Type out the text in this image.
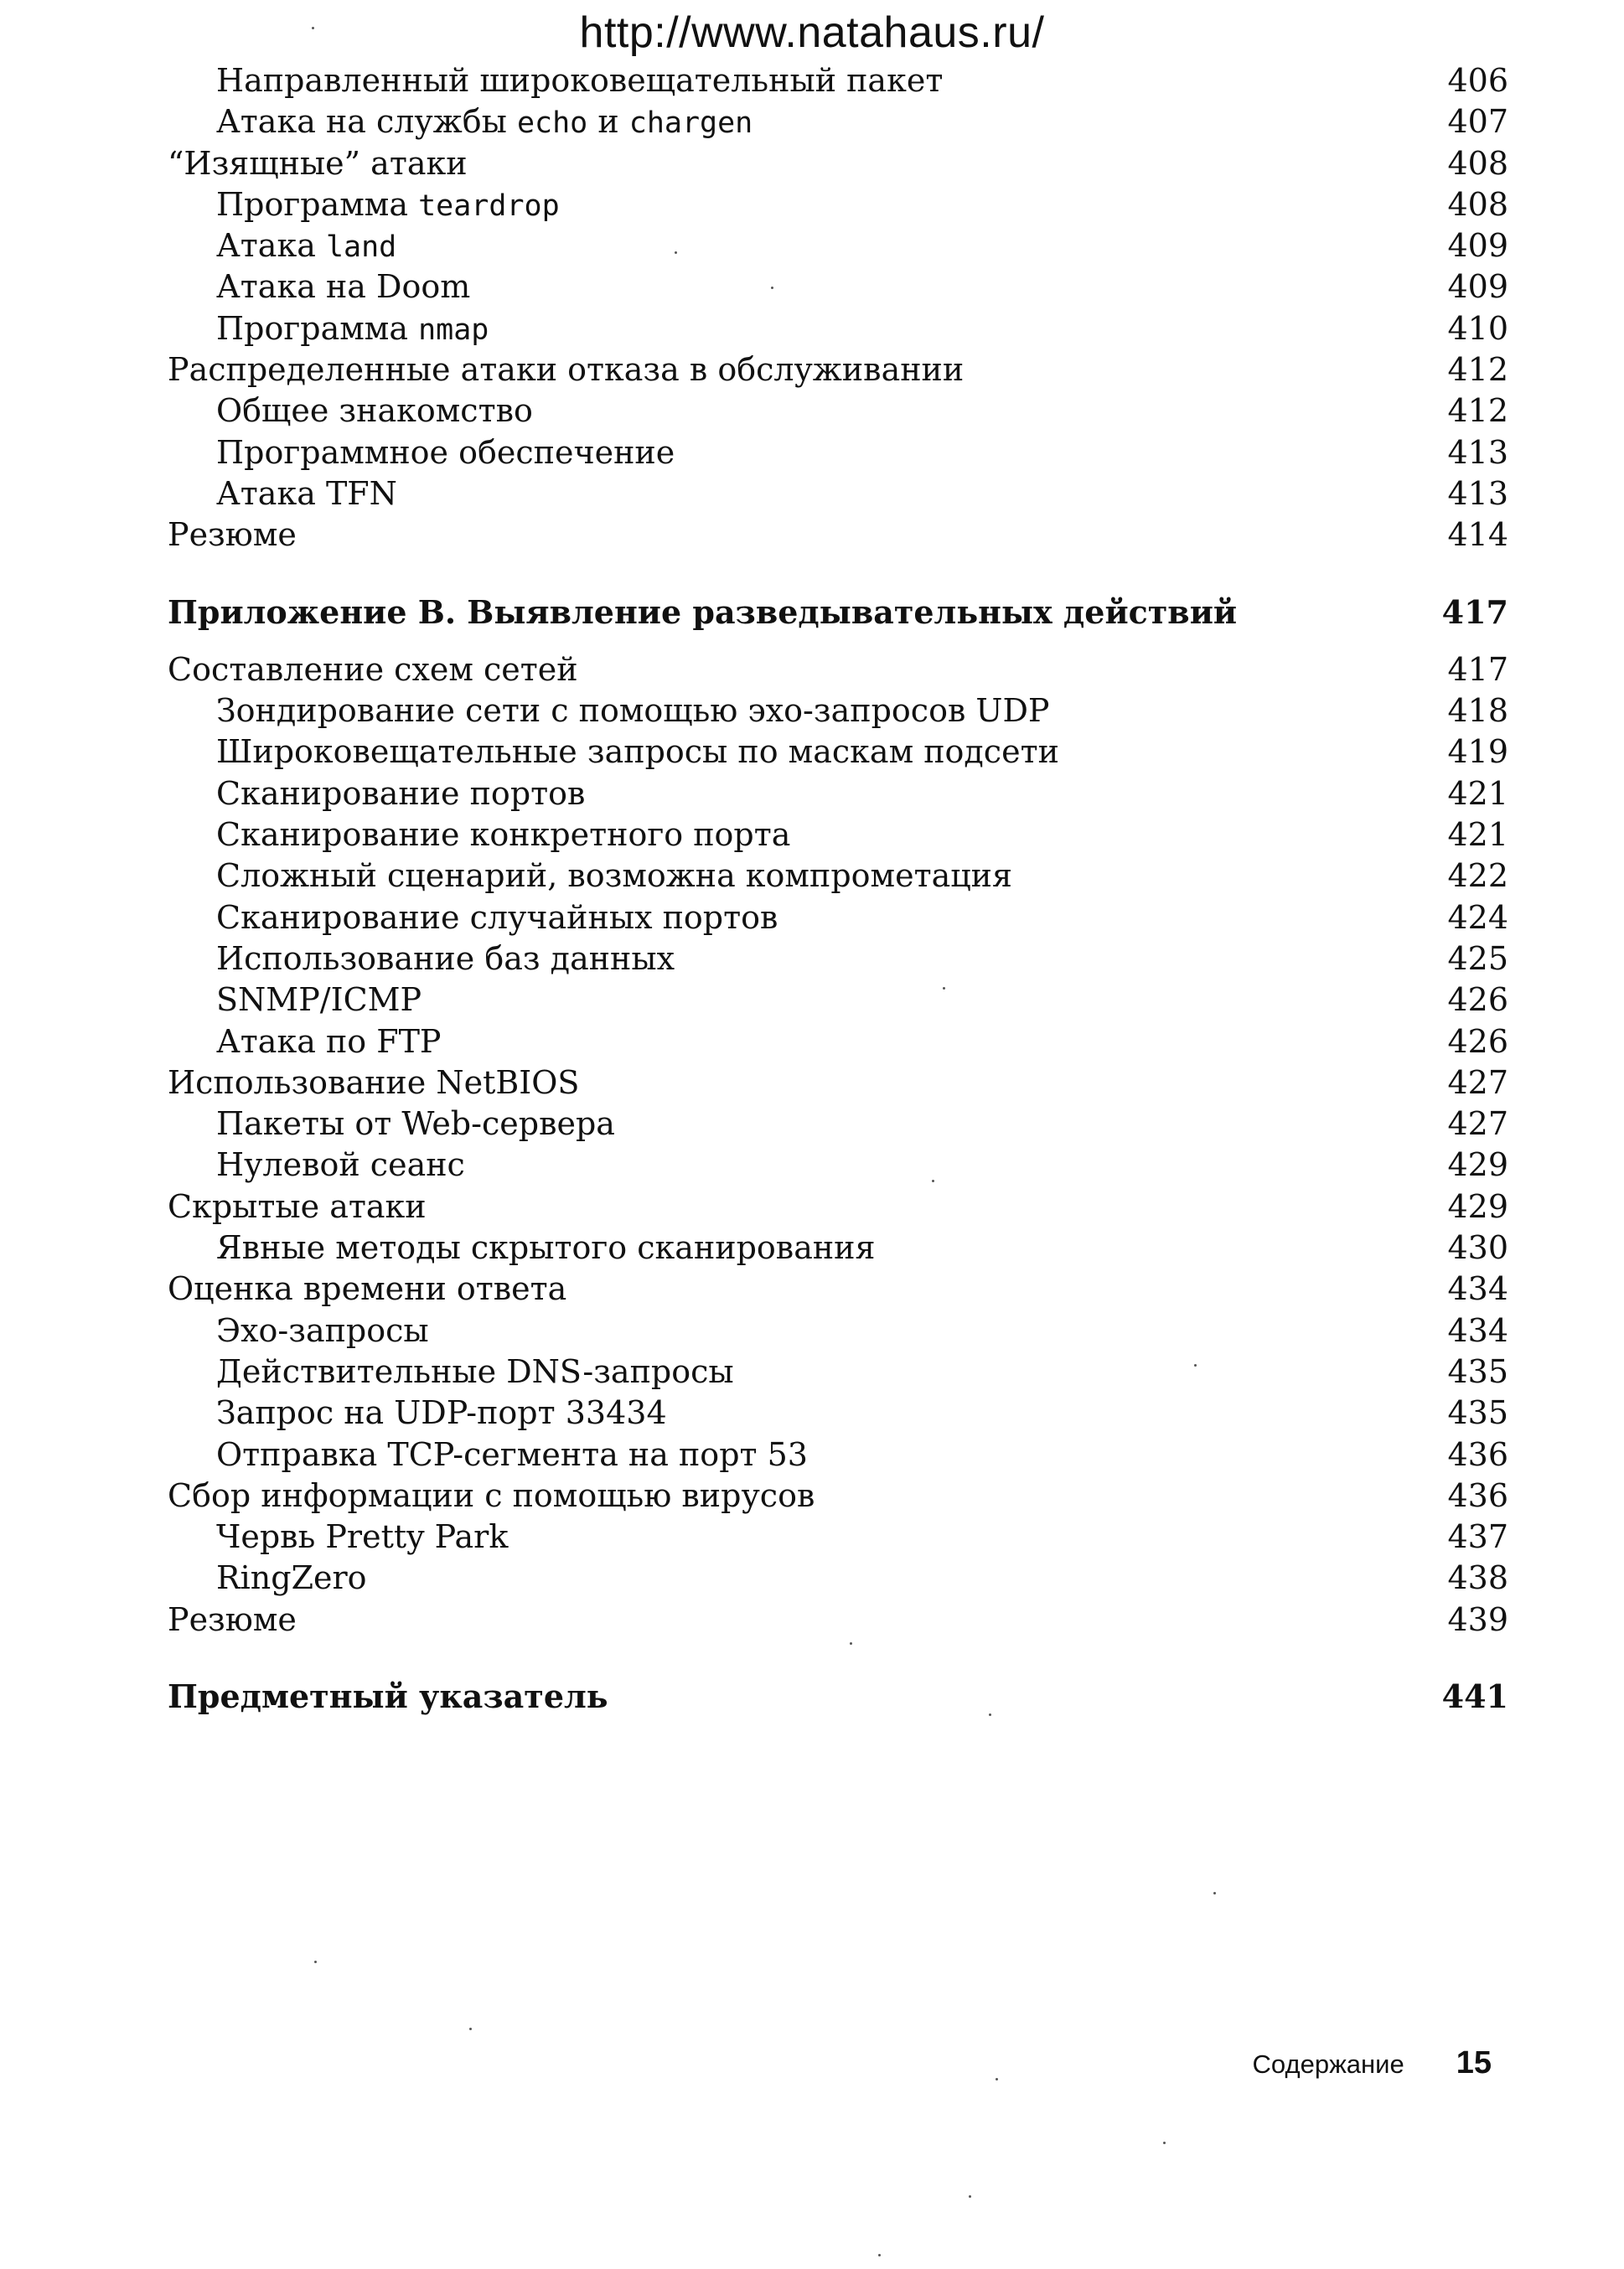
http://www.natahaus.ru/
Направленный широковещательный пакет	406
Атака на службы echo и chargen	407
“Изящные” атаки	408
Программа teardrop	408
Атака land	409
Атака на Doom	409
Программа nmap	410
Распределенные атаки отказа в обслуживании	412
Общее знакомство	412
Программное обеспечение	413
Атака TFN	413
Резюме	414
Приложение В. Выявление разведывательных действий	417
Составление схем сетей	417
Зондирование сети с помощью эхо-запросов UDP	418
Широковещательные запросы по маскам подсети	419
Сканирование портов	421
Сканирование конкретного порта	421
Сложный сценарий, возможна компрометация	422
Сканирование случайных портов	424
Использование баз данных	425
SNMP/ICMP	426
Атака по FTP	426
Использование NetBIOS	427
Пакеты от Web-сервера	427
Нулевой сеанс	429
Скрытые атаки	429
Явные методы скрытого сканирования	430
Оценка времени ответа	434
Эхо-запросы	434
Действительные DNS-запросы	435
Запрос на UDP-порт 33434	435
Отправка TCP-сегмента на порт 53	436
Сбор информации с помощью вирусов	436
Червь Pretty Park	437
RingZero	438
Резюме	439
Предметный указатель	441
Содержание 15
